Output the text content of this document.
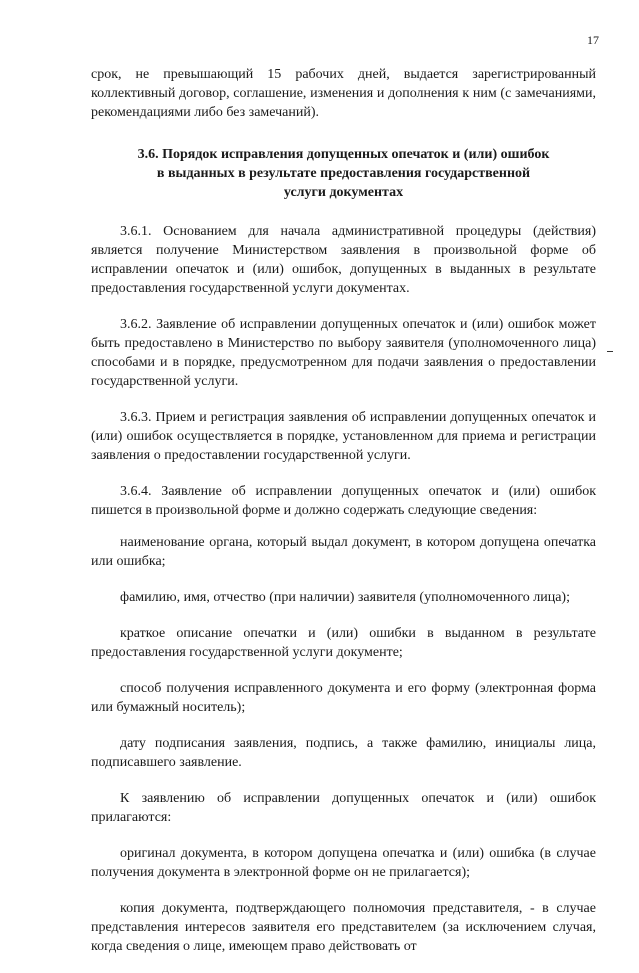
17

срок, не превышающий 15 рабочих дней, выдается зарегистрированный коллективный договор, соглашение, изменения и дополнения к ним (с замечаниями, рекомендациями либо без замечаний).

3.6. Порядок исправления допущенных опечаток и (или) ошибок
в выданных в результате предоставления государственной
услуги документах

3.6.1. Основанием для начала административной процедуры (действия) является получение Министерством заявления в произвольной форме об исправлении опечаток и (или) ошибок, допущенных в выданных в результате предоставления государственной услуги документах.

3.6.2. Заявление об исправлении допущенных опечаток и (или) ошибок может быть предоставлено в Министерство по выбору заявителя (уполномоченного лица) способами и в порядке, предусмотренном для подачи заявления о предоставлении государственной услуги.

3.6.3. Прием и регистрация заявления об исправлении допущенных опечаток и (или) ошибок осуществляется в порядке, установленном для приема и регистрации заявления о предоставлении государственной услуги.

3.6.4. Заявление об исправлении допущенных опечаток и (или) ошибок пишется в произвольной форме и должно содержать следующие сведения:

наименование органа, который выдал документ, в котором допущена опечатка или ошибка;

фамилию, имя, отчество (при наличии) заявителя (уполномоченного лица);

краткое описание опечатки и (или) ошибки в выданном в результате предоставления государственной услуги документе;

способ получения исправленного документа и его форму (электронная форма или бумажный носитель);

дату подписания заявления, подпись, а также фамилию, инициалы лица, подписавшего заявление.

К заявлению об исправлении допущенных опечаток и (или) ошибок прилагаются:

оригинал документа, в котором допущена опечатка и (или) ошибка (в случае получения документа в электронной форме он не прилагается);

копия документа, подтверждающего полномочия представителя, - в случае представления интересов заявителя его представителем (за исключением случая, когда сведения о лице, имеющем право действовать от
